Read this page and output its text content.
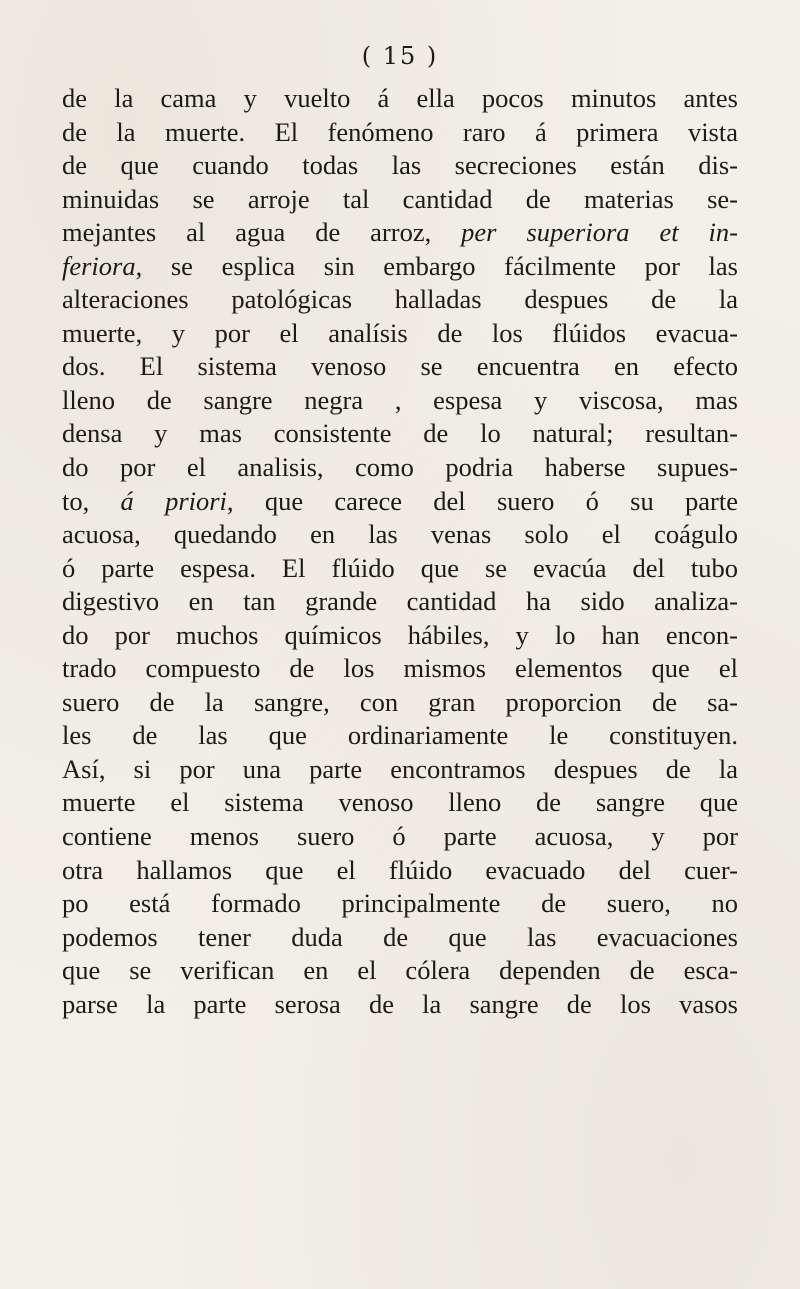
( 15 )
de la cama y vuelto á ella pocos minutos antes
de la muerte. El fenómeno raro á primera vista
de que cuando todas las secreciones están dis-
minuidas se arroje tal cantidad de materias se-
mejantes al agua de arroz, per superiora et in-
feriora, se esplica sin embargo fácilmente por las
alteraciones patológicas halladas despues de la
muerte, y por el analísis de los flúidos evacua-
dos. El sistema venoso se encuentra en efecto
lleno de sangre negra , espesa y viscosa, mas
densa y mas consistente de lo natural; resultan-
do por el analisis, como podria haberse supues-
to, á priori, que carece del suero ó su parte
acuosa, quedando en las venas solo el coágulo
ó parte espesa. El flúido que se evacúa del tubo
digestivo en tan grande cantidad ha sido analiza-
do por muchos químicos hábiles, y lo han encon-
trado compuesto de los mismos elementos que el
suero de la sangre, con gran proporcion de sa-
les de las que ordinariamente le constituyen.
Así, si por una parte encontramos despues de la
muerte el sistema venoso lleno de sangre que
contiene menos suero ó parte acuosa, y por
otra hallamos que el flúido evacuado del cuer-
po está formado principalmente de suero, no
podemos tener duda de que las evacuaciones
que se verifican en el cólera dependen de esca-
parse la parte serosa de la sangre de los vasos
